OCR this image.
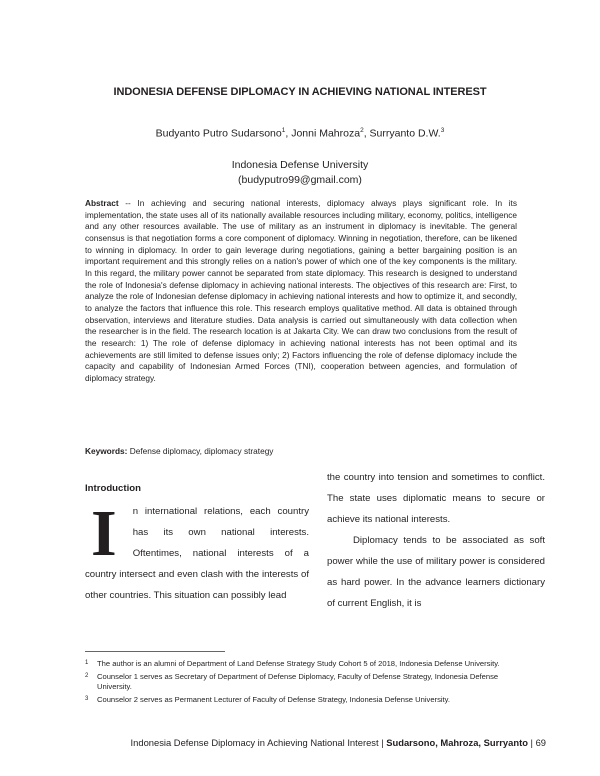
INDONESIA DEFENSE DIPLOMACY IN ACHIEVING NATIONAL INTEREST
Budyanto Putro Sudarsono$^1$, Jonni Mahroza$^2$, Surryanto D.W.$^3$
Indonesia Defense University
(budyputro99@gmail.com)
Abstract -- In achieving and securing national interests, diplomacy always plays significant role. In its implementation, the state uses all of its nationally available resources including military, economy, politics, intelligence and any other resources available. The use of military as an instrument in diplomacy is inevitable. The general consensus is that negotiation forms a core component of diplomacy. Winning in negotiation, therefore, can be likened to winning in diplomacy. In order to gain leverage during negotiations, gaining a better bargaining position is an important requirement and this strongly relies on a nation's power of which one of the key components is the military. In this regard, the military power cannot be separated from state diplomacy. This research is designed to understand the role of Indonesia's defense diplomacy in achieving national interests. The objectives of this research are: First, to analyze the role of Indonesian defense diplomacy in achieving national interests and how to optimize it, and secondly, to analyze the factors that influence this role. This research employs qualitative method. All data is obtained through observation, interviews and literature studies. Data analysis is carried out simultaneously with data collection when the researcher is in the field. The research location is at Jakarta City. We can draw two conclusions from the result of the research: 1) The role of defense diplomacy in achieving national interests has not been optimal and its achievements are still limited to defense issues only; 2) Factors influencing the role of defense diplomacy include the capacity and capability of Indonesian Armed Forces (TNI), cooperation between agencies, and formulation of diplomacy strategy.
Keywords: Defense diplomacy, diplomacy strategy
Introduction

I n international relations, each country has its own national interests. Oftentimes, national interests of a country intersect and even clash with the interests of other countries. This situation can possibly lead

the country into tension and sometimes to conflict. The state uses diplomatic means to secure or achieve its national interests.

Diplomacy tends to be associated as soft power while the use of military power is considered as hard power. In the advance learners dictionary of current English, it is

1 The author is an alumni of Department of Land Defense Strategy Study Cohort 5 of 2018, Indonesia Defense University.
2 Counselor 1 serves as Secretary of Department of Defense Diplomacy, Faculty of Defense Strategy, Indonesia Defense University.
3 Counselor 2 serves as Permanent Lecturer of Faculty of Defense Strategy, Indonesia Defense University.
Indonesia Defense Diplomacy in Achieving National Interest | Sudarsono, Mahroza, Surryanto | 69
